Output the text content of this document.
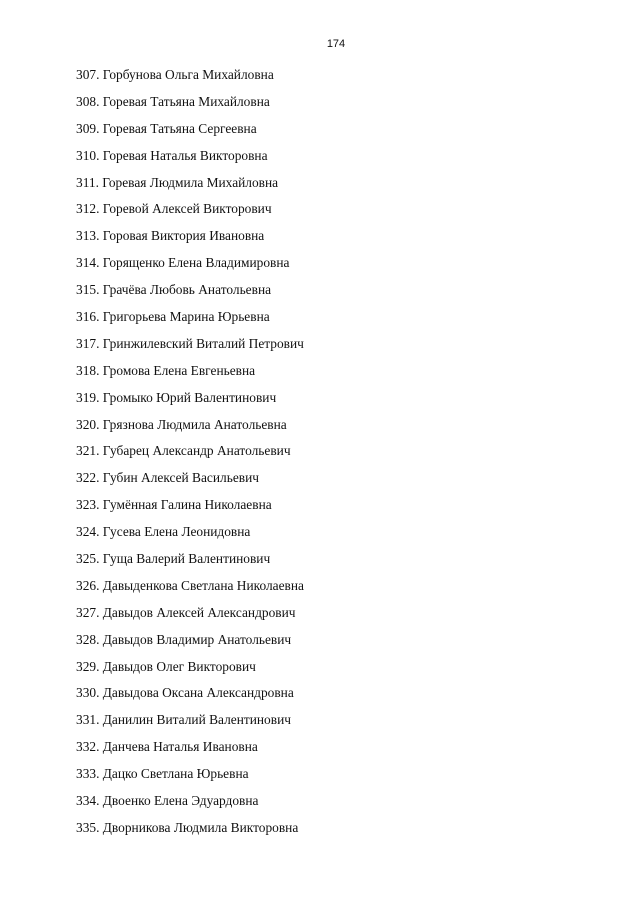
174
307. Горбунова Ольга Михайловна
308. Горевая Татьяна Михайловна
309. Горевая Татьяна Сергеевна
310. Горевая Наталья Викторовна
311. Горевая Людмила Михайловна
312. Горевой Алексей Викторович
313. Горовая Виктория Ивановна
314. Горященко Елена Владимировна
315. Грачёва Любовь Анатольевна
316. Григорьева Марина Юрьевна
317. Гринжилевский Виталий Петрович
318. Громова Елена Евгеньевна
319. Громыко Юрий Валентинович
320. Грязнова Людмила Анатольевна
321. Губарец Александр Анатольевич
322. Губин Алексей Васильевич
323. Гумённая Галина Николаевна
324. Гусева Елена Леонидовна
325. Гуща Валерий Валентинович
326. Давыденкова Светлана Николаевна
327. Давыдов Алексей Александрович
328. Давыдов Владимир Анатольевич
329. Давыдов Олег Викторович
330. Давыдова Оксана Александровна
331. Данилин Виталий Валентинович
332. Данчева Наталья Ивановна
333. Дацко Светлана Юрьевна
334. Двоенко Елена Эдуардовна
335. Дворникова Людмила Викторовна
